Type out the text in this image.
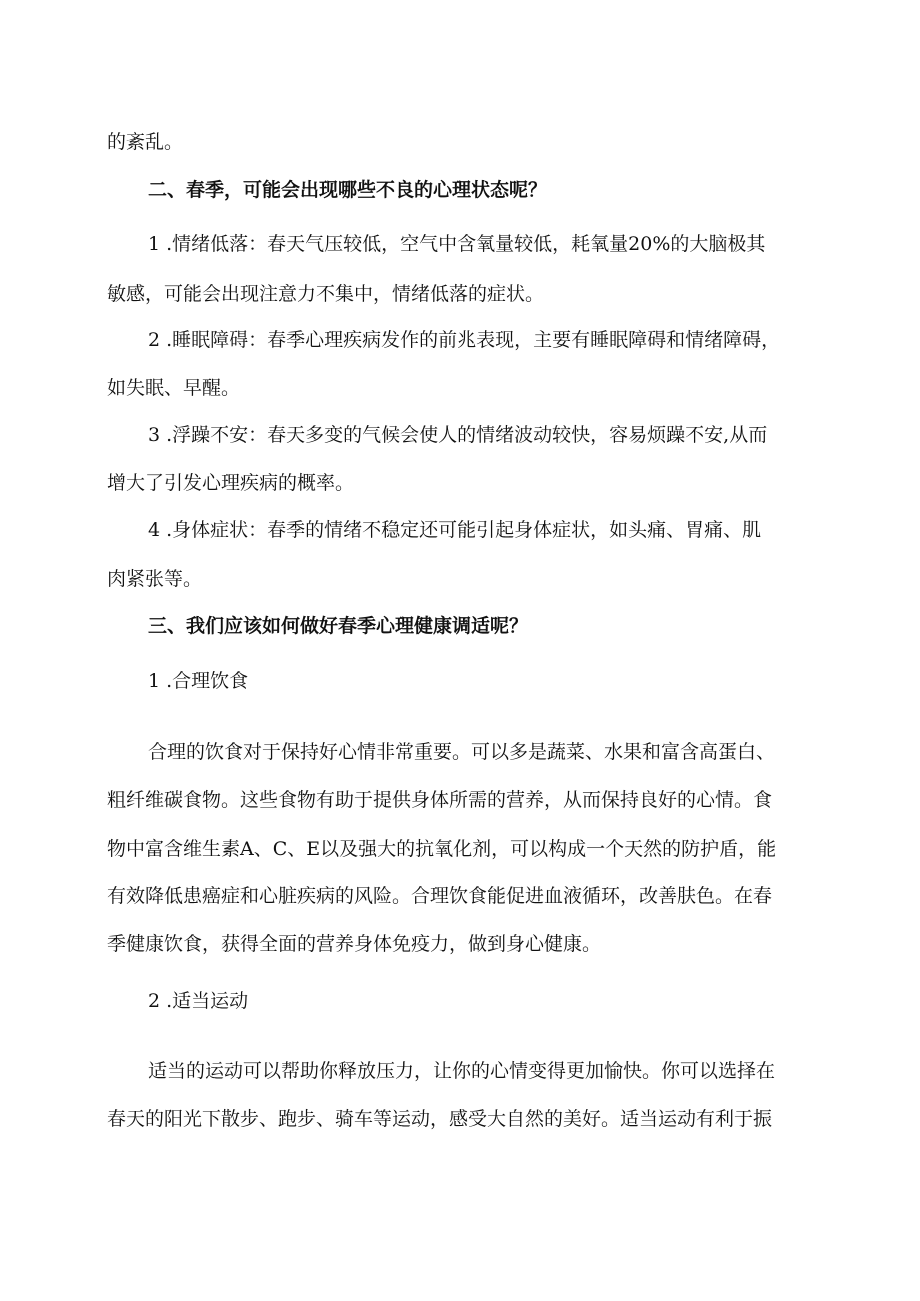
的紊乱。

二、春季，可能会出现哪些不良的心理状态呢？

1 .情绪低落：春天气压较低，空气中含氧量较低，耗氧量20%的大脑极其

敏感，可能会出现注意力不集中，情绪低落的症状。

2 .睡眠障碍：春季心理疾病发作的前兆表现，主要有睡眠障碍和情绪障碍，

如失眠、早醒。

3 .浮躁不安：春天多变的气候会使人的情绪波动较快，容易烦躁不安,从而

增大了引发心理疾病的概率。

4 .身体症状：春季的情绪不稳定还可能引起身体症状，如头痛、胃痛、肌

肉紧张等。

三、我们应该如何做好春季心理健康调适呢？

1 .合理饮食

合理的饮食对于保持好心情非常重要。可以多是蔬菜、水果和富含高蛋白、

粗纤维碳食物。这些食物有助于提供身体所需的营养，从而保持良好的心情。食

物中富含维生素A、C、E以及强大的抗氧化剂，可以构成一个天然的防护盾，能

有效降低患癌症和心脏疾病的风险。合理饮食能促进血液循环，改善肤色。在春

季健康饮食，获得全面的营养身体免疫力，做到身心健康。

2 .适当运动

适当的运动可以帮助你释放压力，让你的心情变得更加愉快。你可以选择在

春天的阳光下散步、跑步、骑车等运动，感受大自然的美好。适当运动有利于振
